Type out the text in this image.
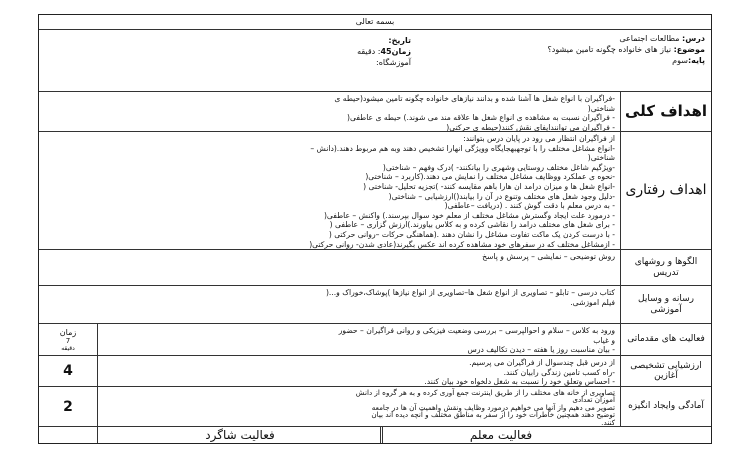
بسمه تعالی
درس: مطالعات اجتماعی
موضوع: نیاز های خانواده چگونه تامین میشود؟
پایه:سوم
تاریخ:
زمان45: دقیقه
آموزشگاه:
اهداف کلی
-فراگیران با انواع شغل ها آشنا شده و بدانند نیازهای خانواده چگونه تامین میشود(حیطه ی
شناختی(
- فراگیران نسبت به مشاهده ی انواع شغل ها علاقه مند می شوند.) حیطه ی عاطفی(
- فراگیران می توانندایفای نقش کنند(حیطه ی حرکتی(
اهداف رفتاری
از فراگیران انتظار می رود در پایان درس بتوانند:
-انواع مشاغل مختلف را با توجهبهجایگاه وویژگی انهارا تشخیص دهند وبه هم مربوط دهند.(دانش –
شناختی(
-ویژگیم شاغل مختلف روستایی وشهری را بیانکنند- )درک وفهم – شناختی(
-نحوه ی عملکرد ووظایف مشاغل مختلف را نمایش می دهند.(کاربرد – شناختی(
-انواع شغل ها و میزان درامد ان هارا باهم مقایسه کنند- )تجزیه تحلیل- شناختی (
-دلیل وجود شغل های مختلف وتنوع در آن را بیابند()ارزشیابی – شناختی(
- به درس معلم با دقت گوش کنند . (دریافت –عاطفی(
- درمورد علت ایجاد وگسترش مشاغل مختلف از معلم خود سوال بپرسند.) واکنش – عاطفی(
- برای شغل های مختلف درامد را نقاشی کرده و به کلاس بیاورند.)ارزش گزاری – عاطفی (
- با درست کردن یک ماکت تفاوت مشاغل را نشان دهند .(هماهنگی حرکات –روانی حرکتی (
- ازمشاغل مختلف که در سفرهای خود مشاهده کرده اند عکس بگیرند(عادی شدن- روانی حرکتی(
الگوها و روشهای تدریس
روش توضیحی – نمایشی – پرسش و پاسخ
رسانه و وسایل آموزشی
کتاب درسی – تابلو – تصاویری از انواع شغل ها–تصاویری از انواع نیازها )پوشاک،خوراک و...(
فیلم اموزشی.
فعالیت های مقدماتی
ورود به کلاس – سلام و احوالپرسی – بررسی وضعیت فیزیکی و روانی فراگیران – حضور
و غیاب
- بیان مناسبت روز یا هفته – دیدن تکالیف درس
زمان
7
دقیقه
ارزشیابی تشخیصی آغازین
از درس قبل چندسوال از فراگیران می پرسیم.
-راه کسب تامین زندگی رابیان کنند.
- احساس وتعلق خود را نسبت به شغل دلخواه خود بیان کنند.
4
آمادگی وایجاد انگیزه
تصاویری از خانه های مختلف را از طریق اینترنت جمع آوری کرده و به هر گروه از دانش
آموزان تعدادی
تصویر می دهیم واز آنها می خواهیم درمورد وظایف ونقش واهمیت آن ها در جامعه
توضیح دهند همچنین خاطرات خود را از سفر به مناطق مختلف و آنچه دیده اند بیان
کنند.
2
فعالیت معلم
فعالیت شاگرد
